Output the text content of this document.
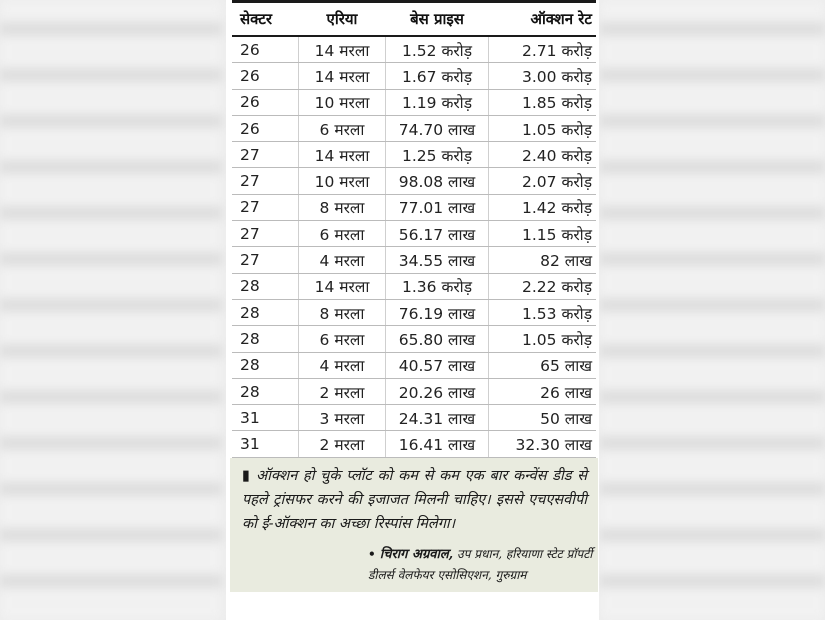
सेक्टर	एरिया	बेस प्राइस	ऑक्शन रेट
26	14 मरला	1.52 करोड़	2.71 करोड़
26	14 मरला	1.67 करोड़	3.00 करोड़
26	10 मरला	1.19 करोड़	1.85 करोड़
26	6 मरला	74.70 लाख	1.05 करोड़
27	14 मरला	1.25 करोड़	2.40 करोड़
27	10 मरला	98.08 लाख	2.07 करोड़
27	8 मरला	77.01 लाख	1.42 करोड़
27	6 मरला	56.17 लाख	1.15 करोड़
27	4 मरला	34.55 लाख	82 लाख
28	14 मरला	1.36 करोड़	2.22 करोड़
28	8 मरला	76.19 लाख	1.53 करोड़
28	6 मरला	65.80 लाख	1.05 करोड़
28	4 मरला	40.57 लाख	65 लाख
28	2 मरला	20.26 लाख	26 लाख
31	3 मरला	24.31 लाख	50 लाख
31	2 मरला	16.41 लाख	32.30 लाख
▮ ऑक्शन हो चुके प्लॉट को कम से कम एक बार कन्वेंस डीड से पहले ट्रांसफर करने की इजाजत मिलनी चाहिए। इससे एचएसवीपी को ई-ऑक्शन का अच्छा रिस्पांस मिलेगा।
• चिराग अग्रवाल, उप प्रधान, हरियाणा स्टेट प्रॉपर्टी डीलर्स वेलफेयर एसोसिएशन, गुरुग्राम
